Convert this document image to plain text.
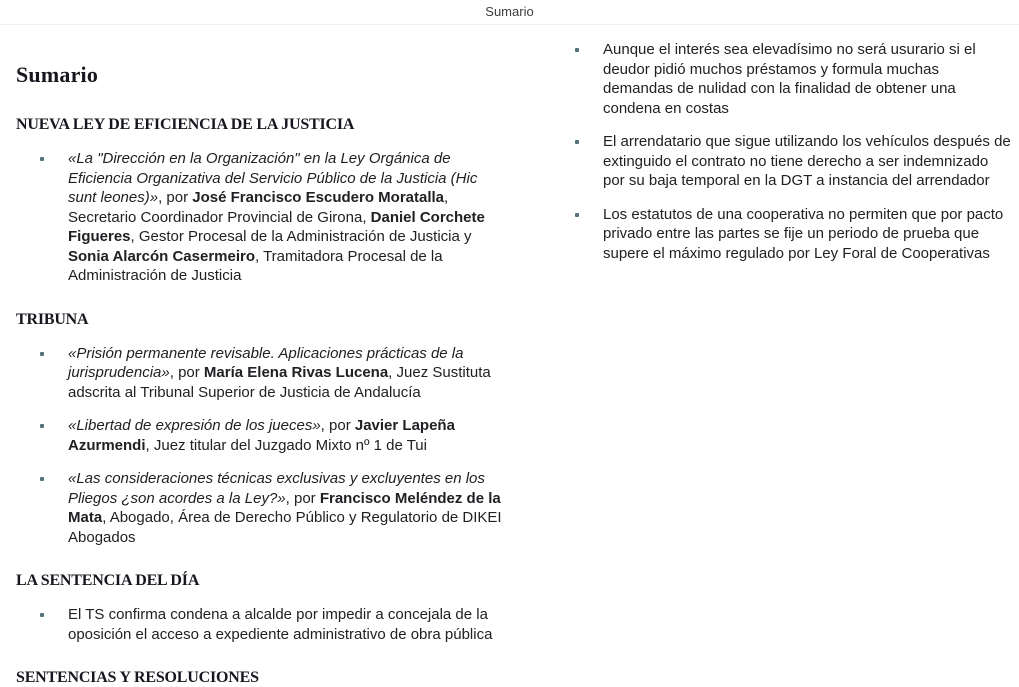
Sumario
Sumario
NUEVA LEY DE EFICIENCIA DE LA JUSTICIA

«La "Dirección en la Organización" en la Ley Orgánica de Eficiencia Organizativa del Servicio Público de la Justicia (Hic sunt leones)», por José Francisco Escudero Moratalla, Secretario Coordinador Provincial de Girona, Daniel Corchete Figueres, Gestor Procesal de la Administración de Justicia y Sonia Alarcón Casermeiro, Tramitadora Procesal de la Administración de Justicia

TRIBUNA

«Prisión permanente revisable. Aplicaciones prácticas de la jurisprudencia», por María Elena Rivas Lucena, Juez Sustituta adscrita al Tribunal Superior de Justicia de Andalucía

«Libertad de expresión de los jueces», por Javier Lapeña Azurmendi, Juez titular del Juzgado Mixto nº 1 de Tui

«Las consideraciones técnicas exclusivas y excluyentes en los Pliegos ¿son acordes a la Ley?», por Francisco Meléndez de la Mata, Abogado, Área de Derecho Público y Regulatorio de DIKEI Abogados

LA SENTENCIA DEL DÍA

El TS confirma condena a alcalde por impedir a concejala de la oposición el acceso a expediente administrativo de obra pública

SENTENCIAS Y RESOLUCIONES

Aunque el interés sea elevadísimo no será usurario si el deudor pidió muchos préstamos y formula muchas demandas de nulidad con la finalidad de obtener una condena en costas

El arrendatario que sigue utilizando los vehículos después de extinguido el contrato no tiene derecho a ser indemnizado por su baja temporal en la DGT a instancia del arrendador

Los estatutos de una cooperativa no permiten que por pacto privado entre las partes se fije un periodo de prueba que supere el máximo regulado por Ley Foral de Cooperativas
